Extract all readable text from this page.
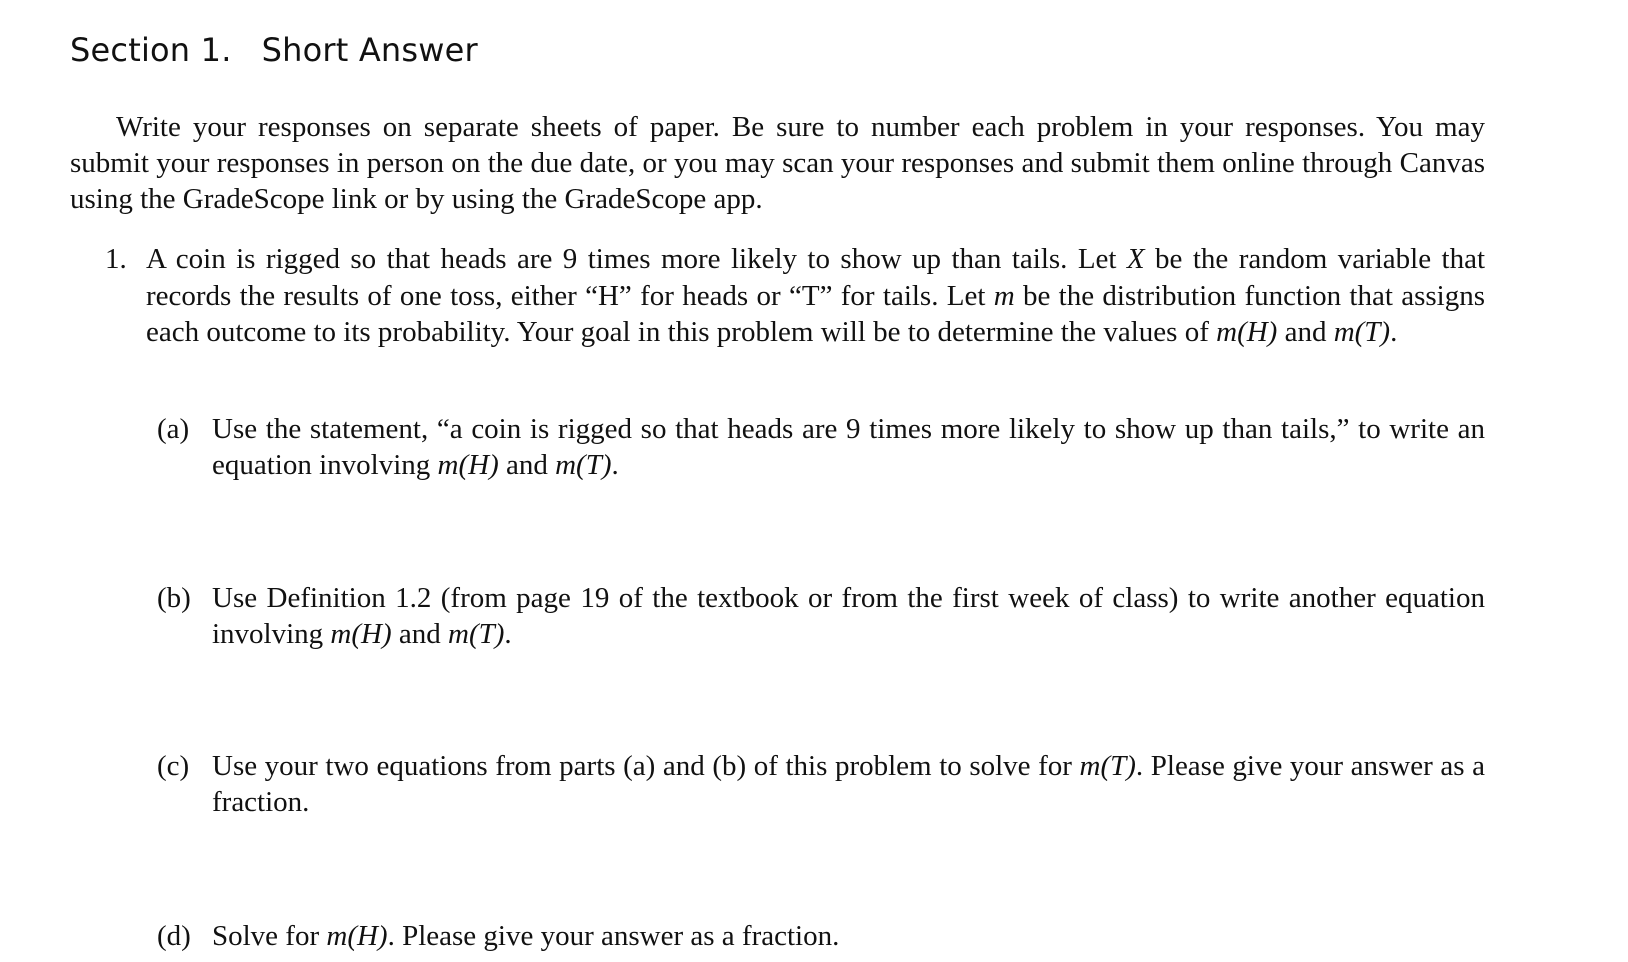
Section 1. Short Answer

Write your responses on separate sheets of paper. Be sure to number each problem in your responses. You may submit your responses in person on the due date, or you may scan your responses and submit them online through Canvas using the GradeScope link or by using the GradeScope app.

1. A coin is rigged so that heads are 9 times more likely to show up than tails. Let X be the random variable that records the results of one toss, either “H” for heads or “T” for tails. Let m be the distribution function that assigns each outcome to its probability. Your goal in this problem will be to determine the values of m(H) and m(T).

(a) Use the statement, “a coin is rigged so that heads are 9 times more likely to show up than tails,” to write an equation involving m(H) and m(T).

(b) Use Definition 1.2 (from page 19 of the textbook or from the first week of class) to write another equation involving m(H) and m(T).

(c) Use your two equations from parts (a) and (b) of this problem to solve for m(T). Please give your answer as a fraction.

(d) Solve for m(H). Please give your answer as a fraction.
